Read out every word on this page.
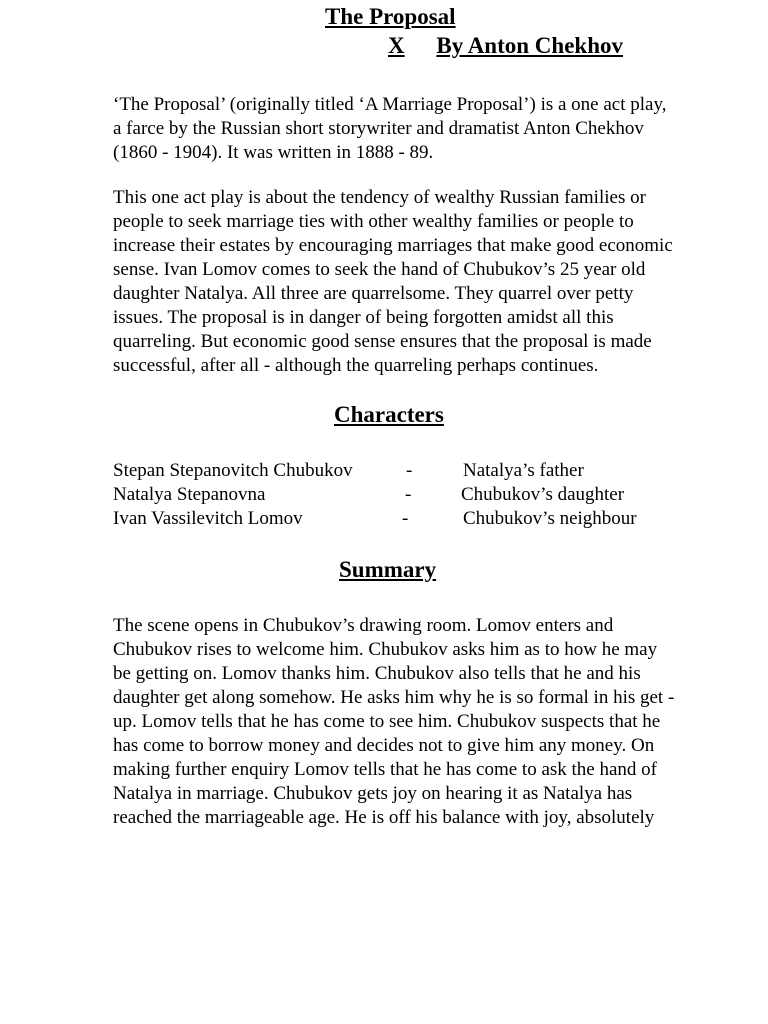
The Proposal
X By Anton Chekhov

‘The Proposal’ (originally titled ‘A Marriage Proposal’) is a one act play,
a farce by the Russian short storywriter and dramatist Anton Chekhov
(1860 - 1904). It was written in 1888 - 89.

This one act play is about the tendency of wealthy Russian families or
people to seek marriage ties with other wealthy families or people to
increase their estates by encouraging marriages that make good economic
sense. Ivan Lomov comes to seek the hand of Chubukov’s 25 year old
daughter Natalya. All three are quarrelsome. They quarrel over petty
issues. The proposal is in danger of being forgotten amidst all this
quarreling. But economic good sense ensures that the proposal is made
successful, after all - although the quarreling perhaps continues.

Characters
Stepan Stepanovitch Chubukov	-	Natalya’s father
Natalya Stepanovna	-	Chubukov’s daughter
Ivan Vassilevitch Lomov	-	Chubukov’s neighbour
Summary

The scene opens in Chubukov’s drawing room. Lomov enters and
Chubukov rises to welcome him. Chubukov asks him as to how he may
be getting on. Lomov thanks him. Chubukov also tells that he and his
daughter get along somehow. He asks him why he is so formal in his get -
up. Lomov tells that he has come to see him. Chubukov suspects that he
has come to borrow money and decides not to give him any money. On
making further enquiry Lomov tells that he has come to ask the hand of
Natalya in marriage. Chubukov gets joy on hearing it as Natalya has
reached the marriageable age. He is off his balance with joy, absolutely
